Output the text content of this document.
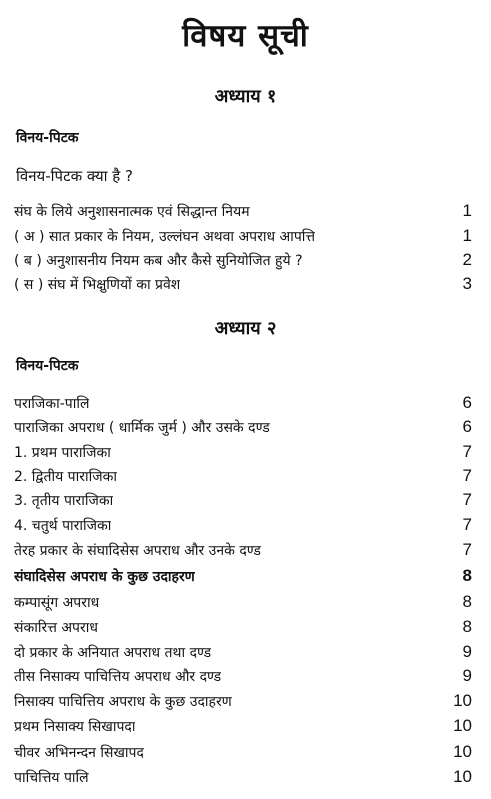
विषय सूची
अध्याय १
विनय-पिटक
विनय-पिटक क्या है ?
संघ के लिये अनुशासनात्मक एवं सिद्धान्त नियम	1
( अ ) सात प्रकार के नियम, उल्लंघन अथवा अपराध आपत्ति	1
( ब ) अनुशासनीय नियम कब और कैसे सुनियोजित हुये ?	2
( स ) संघ में भिक्षुणियों का प्रवेश	3
अध्याय २
विनय-पिटक
पराजिका-पालि	6
पाराजिका अपराध ( धार्मिक जुर्म ) और उसके दण्ड	6
1. प्रथम पाराजिका	7
2. द्वितीय पाराजिका	7
3. तृतीय पाराजिका	7
4. चतुर्थ पाराजिका	7
तेरह प्रकार के संघादिसेस अपराध और उनके दण्ड	7
संघादिसेस अपराध के कुछ उदाहरण	8
कम्पासूंग अपराध	8
संकारित्त अपराध	8
दो प्रकार के अनियात अपराध तथा दण्ड	9
तीस निसाक्य पाचित्तिय अपराध और दण्ड	9
निसाक्य पाचित्तिय अपराध के कुछ उदाहरण	10
प्रथम निसाक्य सिखापदा	10
चीवर अभिनन्दन सिखापद	10
पाचित्तिय पालि	10
